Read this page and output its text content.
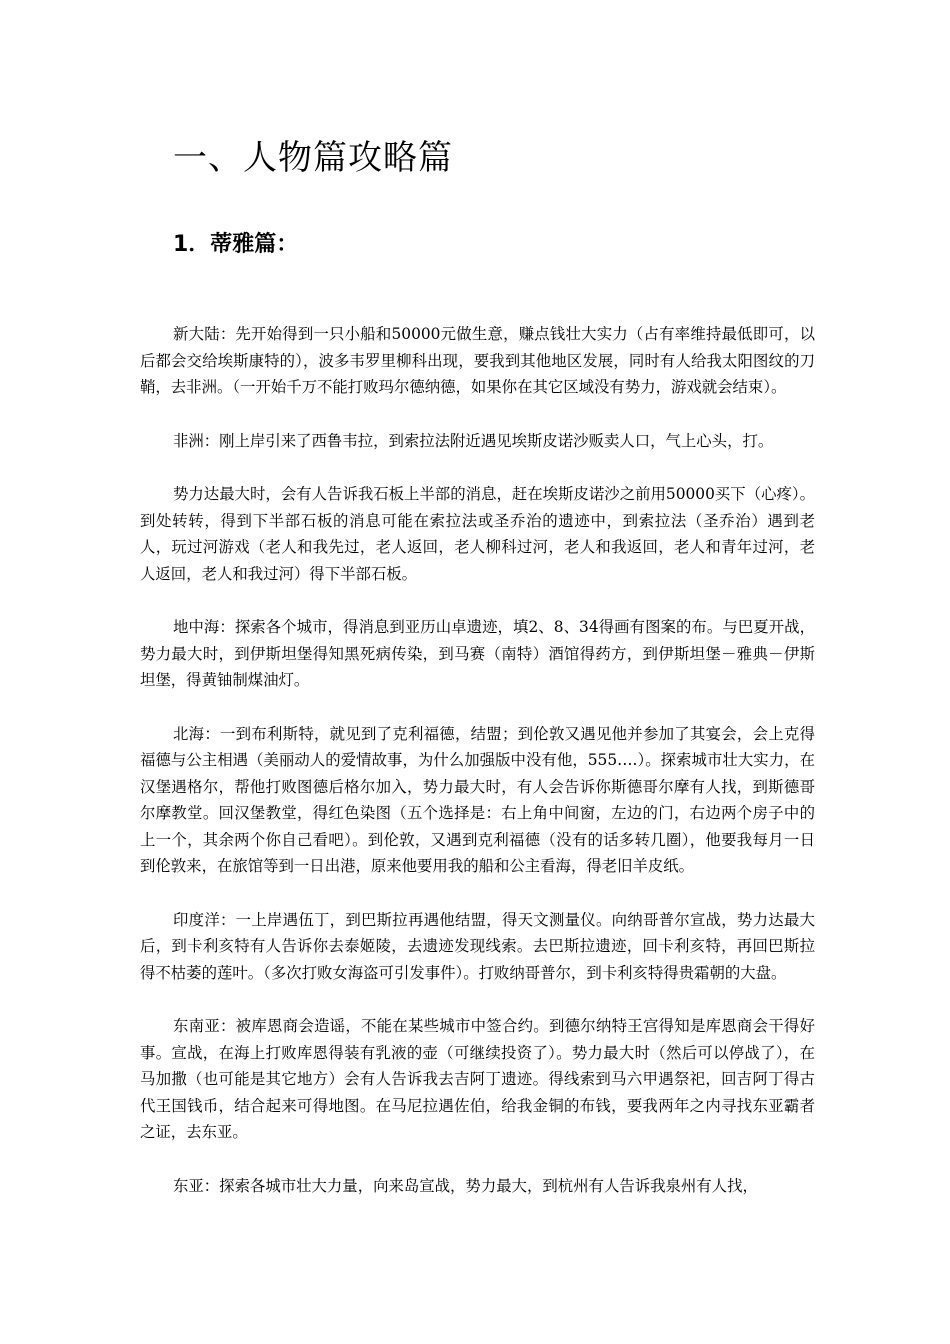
一、人物篇攻略篇
1．蒂雅篇：

新大陆：先开始得到一只小船和50000元做生意，赚点钱壮大实力（占有率维持最低即可，以后都会交给埃斯康特的），波多韦罗里柳科出现，要我到其他地区发展，同时有人给我太阳图纹的刀鞘，去非洲。（一开始千万不能打败玛尔德纳德，如果你在其它区域没有势力，游戏就会结束）。

非洲：刚上岸引来了西鲁韦拉，到索拉法附近遇见埃斯皮诺沙贩卖人口，气上心头，打。

势力达最大时，会有人告诉我石板上半部的消息，赶在埃斯皮诺沙之前用50000买下（心疼）。到处转转，得到下半部石板的消息可能在索拉法或圣乔治的遗迹中，到索拉法（圣乔治）遇到老人，玩过河游戏（老人和我先过，老人返回，老人柳科过河，老人和我返回，老人和青年过河，老人返回，老人和我过河）得下半部石板。

地中海：探索各个城市，得消息到亚历山卓遗迹，填2、8、34得画有图案的布。与巴夏开战，势力最大时，到伊斯坦堡得知黑死病传染，到马赛（南特）酒馆得药方，到伊斯坦堡－雅典－伊斯坦堡，得黄铀制煤油灯。

北海：一到布利斯特，就见到了克利福德，结盟；到伦敦又遇见他并参加了其宴会，会上克得福德与公主相遇（美丽动人的爱情故事，为什么加强版中没有他，555….）。探索城市壮大实力，在汉堡遇格尔，帮他打败图德后格尔加入，势力最大时，有人会告诉你斯德哥尔摩有人找，到斯德哥尔摩教堂。回汉堡教堂，得红色染图（五个选择是：右上角中间窗，左边的门，右边两个房子中的上一个，其余两个你自己看吧）。到伦敦，又遇到克利福德（没有的话多转几圈），他要我每月一日到伦敦来，在旅馆等到一日出港，原来他要用我的船和公主看海，得老旧羊皮纸。

印度洋：一上岸遇伍丁，到巴斯拉再遇他结盟，得天文测量仪。向纳哥普尔宣战，势力达最大后，到卡利亥特有人告诉你去泰姬陵，去遗迹发现线索。去巴斯拉遗迹，回卡利亥特，再回巴斯拉得不枯萎的莲叶。（多次打败女海盗可引发事件）。打败纳哥普尔，到卡利亥特得贵霜朝的大盘。

东南亚：被库恩商会造谣，不能在某些城市中签合约。到德尔纳特王宫得知是库恩商会干得好事。宣战，在海上打败库恩得装有乳液的壶（可继续投资了）。势力最大时（然后可以停战了），在马加撒（也可能是其它地方）会有人告诉我去吉阿丁遗迹。得线索到马六甲遇祭祀，回吉阿丁得古代王国钱币，结合起来可得地图。在马尼拉遇佐伯，给我金铜的布钱，要我两年之内寻找东亚霸者之证，去东亚。

东亚：探索各城市壮大力量，向来岛宣战，势力最大，到杭州有人告诉我泉州有人找，
